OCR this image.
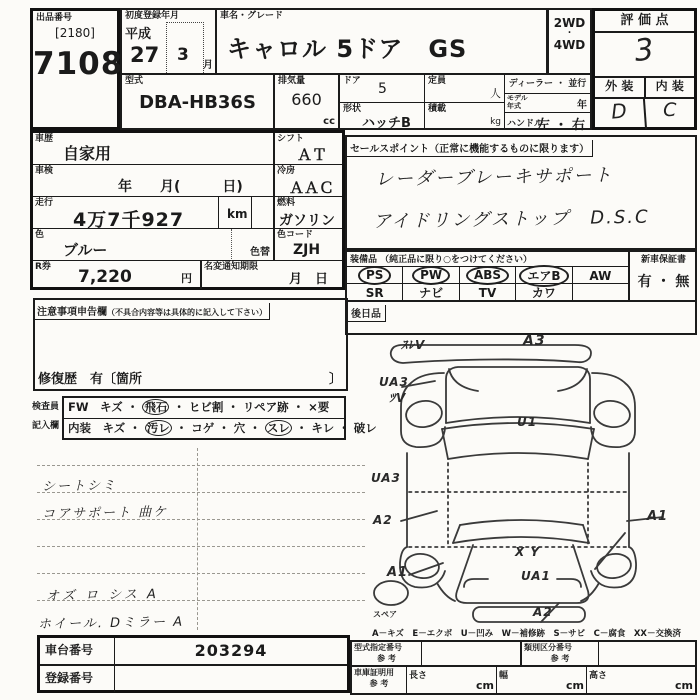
出品番号
[2180]
7108
初度登録年月
平成
27 3
月
車名・グレード
キャロル 5ドア　GS
2WD
・
4WD
評 価 点
3
外 装	内 装
D	C
型式
DBA-HB36S
排気量
660
cc
ドア 5
形状
ハッチB
定員
人
積載
kg
ディーラー ・ 並行
モデル
年式	年
ハンドル
左 ・ 右
車歴
自家用
シフト
ＡＴ
車検
年　　月(　　　日)
冷房
ＡＡＣ
走行
4万7千927	km
燃料
ガソリン
色
ブルー	色替
色コード
ZJH
R券 7,220	円
名変通知期限
月　日
注意事項申告欄（不具合内容等は具体的に記入して下さい）
修復歴　有〔箇所	〕
検査員
記入欄
FW　キズ ・ 飛石 ・ ヒビ割 ・ リペア跡 ・ ×要
内装　キズ ・ 汚レ ・ コゲ ・ 穴 ・ スレ ・ キレ ・ 破レ
セールスポイント（正常に機能するものに限ります）
レーダーブレーキサポート
アイドリングストップ　D.S.C
装備品 （純正品に限り○をつけてください）
PS	PW	ABS	エアB	AW
SR	ナビ	TV	カワ
新車保証書
有 ・ 無
後日品
シートシミ
コアサポート 曲ケ
オズ ロ シス A
ホイール. Dミラー A
ｽﾚV	A3
UA3
ﾂV
U1
UA3
A2	A1
A1
X Y
UA1
A2
スペア
A－キズ　E－エクボ　U－凹み　W－補修跡　S－サビ　C－腐食　XX－交換済
車台番号	203294
登録番号
型式指定番号
参 考
類別区分番号
参 考
車庫証明用
参 考
長さ
cm
幅
cm
高さ
cm
